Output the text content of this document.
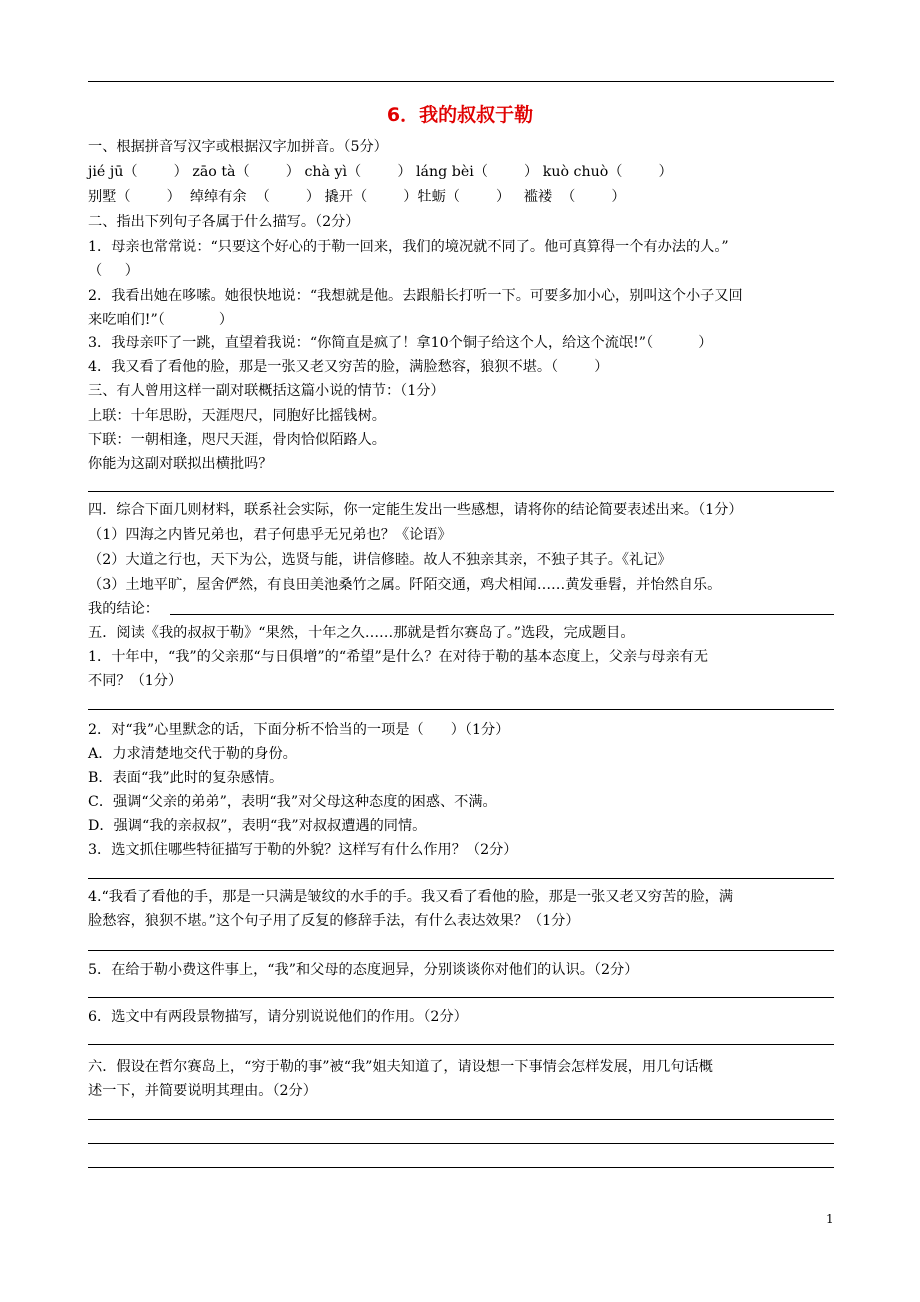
6．我的叔叔于勒
一、根据拼音写汉字或根据汉字加拼音。（5分）
jié jū（        ） zāo tà（        ） chà yì（        ） láng bèi（        ） kuò chuò（        ）
别墅（        ）  绰绰有余  （        ） 撬开（        ）牡蛎（        ）   褴褛  （        ）
二、指出下列句子各属于什么描写。（2分）
1．母亲也常常说：“只要这个好心的于勒一回来，我们的境况就不同了。他可真算得一个有办法的人。”
（     ）
2．我看出她在哆嗦。她很快地说：“我想就是他。去跟船长打听一下。可要多加小心，别叫这个小子又回
来吃咱们!”（            ）
3．我母亲吓了一跳，直望着我说：“你简直是疯了！拿10个铜子给这个人，给这个流氓!”（          ）
4．我又看了看他的脸，那是一张又老又穷苦的脸，满脸愁容，狼狈不堪。（        ）
三、有人曾用这样一副对联概括这篇小说的情节：（1分）
上联：十年思盼，天涯咫尺，同胞好比摇钱树。
下联：一朝相逢，咫尺天涯，骨肉恰似陌路人。
你能为这副对联拟出横批吗？
四．综合下面几则材料，联系社会实际，你一定能生发出一些感想，请将你的结论简要表述出来。（1分）
（1）四海之内皆兄弟也，君子何患乎无兄弟也？《论语》
（2）大道之行也，天下为公，选贤与能，讲信修睦。故人不独亲其亲，不独子其子。《礼记》
（3）土地平旷，屋舍俨然，有良田美池桑竹之属。阡陌交通，鸡犬相闻……黄发垂髫，并怡然自乐。
我的结论：
五．阅读《我的叔叔于勒》“果然，十年之久……那就是哲尔赛岛了。”选段，完成题目。
1．十年中，“我”的父亲那“与日俱增”的“希望”是什么？在对待于勒的基本态度上，父亲与母亲有无
不同？（1分）
2．对“我”心里默念的话，下面分析不恰当的一项是（      ）（1分）
A．力求清楚地交代于勒的身份。
B．表面“我”此时的复杂感情。
C．强调“父亲的弟弟”，表明“我”对父母这种态度的困惑、不满。
D．强调“我的亲叔叔”，表明“我”对叔叔遭遇的同情。
3．选文抓住哪些特征描写于勒的外貌？这样写有什么作用？（2分）
4.“我看了看他的手，那是一只满是皱纹的水手的手。我又看了看他的脸，那是一张又老又穷苦的脸，满
脸愁容，狼狈不堪。”这个句子用了反复的修辞手法，有什么表达效果？（1分）
5．在给于勒小费这件事上，“我”和父母的态度迥异，分别谈谈你对他们的认识。（2分）
6．选文中有两段景物描写，请分别说说他们的作用。（2分）
六．假设在哲尔赛岛上，“穷于勒的事”被“我”姐夫知道了，请设想一下事情会怎样发展，用几句话概
述一下，并简要说明其理由。（2分）
1
